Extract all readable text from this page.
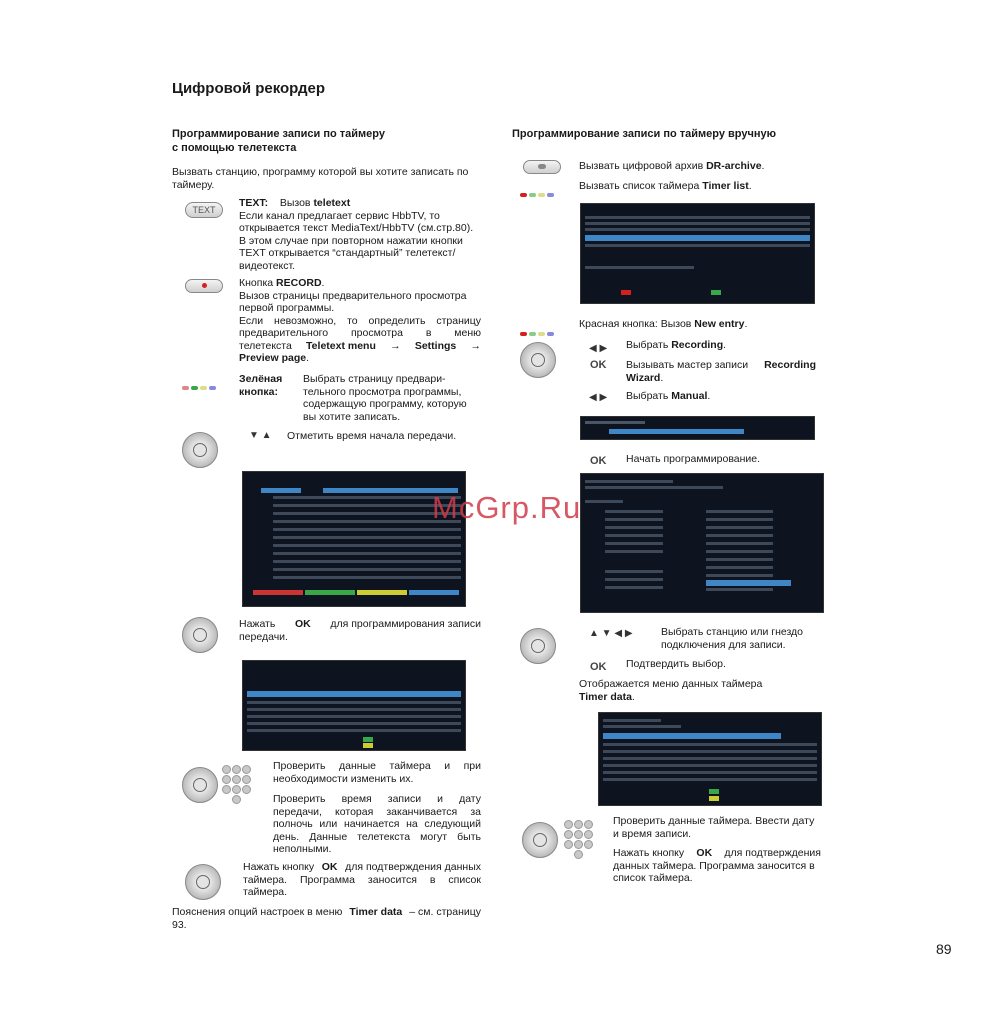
Цифровой рекордер
Программирование записи по таймеру
с помощью телетекста
Вызвать станцию, программу которой вы хотите записать по
таймеру.
TEXT
TEXT: Вызов teletext
Если канал предлагает сервис HbbTV, то
открывается текст MediaText/HbbTV (см.стр.80).
В этом случае при повторном нажатии кнопки
TEXT открывается “стандартный” телетекст/
видеотекст.
Кнопка RECORD.
Вызов страницы предварительного просмотра
первой программы.
Если невозможно, то определить страницу
предварительного просмотра в меню
телетекста Teletext menu → Settings →
Preview page.
Зелёная
кнопка:
Выбрать страницу предвари-
тельного просмотра программы,
содержащую программу, которую
вы хотите записать.
▼ ▲ Отметить время начала передачи.
Нажать OK для программирования записи
передачи.
Проверить данные таймера и при
необходимости изменить их.
Проверить время записи и дату
передачи, которая заканчивается за
полночь или начинается на следующий
день. Данные телетекста могут быть
неполными.
Нажать кнопку OK для подтверждения данных
таймера. Программа заносится в список
таймера.
Пояснения опций настроек в меню Timer data – см. страницу
93.
Программирование записи по таймеру вручную
Вызвать цифровой архив DR-archive.
Вызвать список таймера Timer list.
Красная кнопка: Вызов New entry.
◀ ▶ Выбрать Recording.
OK Вызывать мастер записи Recording
Wizard.
◀ ▶ Выбрать Manual.
OK Начать программирование.
▲ ▼ ◀ ▶	Выбрать станцию или гнездо
подключения для записи.
OK Подтвердить выбор.
Отображается меню данных таймера
Timer data.
Проверить данные таймера. Ввести дату
и время записи.
Нажать кнопку OK для подтверждения
данных таймера. Программа заносится в
список таймера.
McGrp.Ru
89
